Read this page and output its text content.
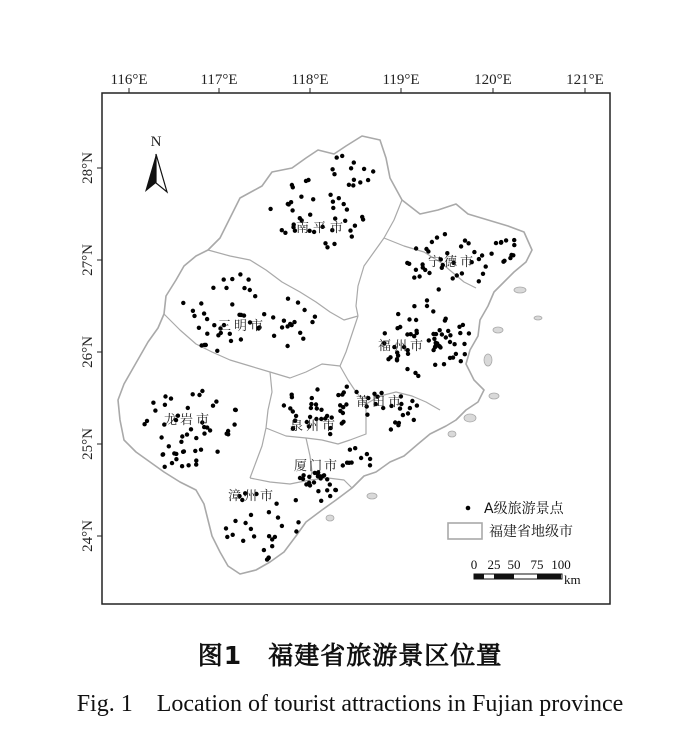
116°E	117°E	118°E	119°E	120°E	121°E
28°N
27°N
26°N
25°N
24°N
N
南平市
宁德市
三明市
福州市
莆田市
龙岩市	泉州市
厦门市
漳州市
A级旅游景点
福建省地级市
0 25 50 75 100
km
图1　福建省旅游景区位置
Fig. 1　Location of tourist attractions in Fujian province
